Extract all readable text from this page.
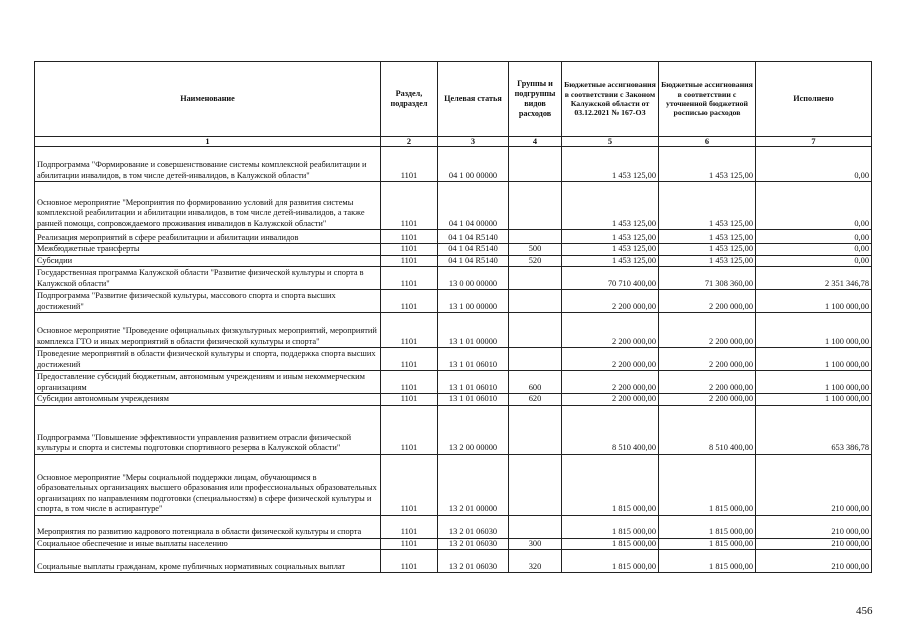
Наименование	Раздел, подраздел	Целевая статья	Группы и подгруппы видов расходов	Бюджетные ассигнования в соответствии с Законом Калужской области от 03.12.2021 № 167-ОЗ	Бюджетные ассигнования в соответствии с уточненной бюджетной росписью расходов	Исполнено
1	2	3	4	5	6	7
Подпрограмма "Формирование и совершенствование системы комплексной реабилитации и абилитации инвалидов, в том числе детей-инвалидов, в Калужской области"	1101	04 1 00 00000		1 453 125,00	1 453 125,00	0,00
Основное мероприятие "Мероприятия по формированию условий для развития системы комплексной реабилитации и абилитации инвалидов, в том числе детей-инвалидов, а также ранней помощи, сопровождаемого проживания инвалидов в Калужской области"	1101	04 1 04 00000		1 453 125,00	1 453 125,00	0,00
Реализация мероприятий в сфере реабилитации и абилитации инвалидов	1101	04 1 04 R5140		1 453 125,00	1 453 125,00	0,00
Межбюджетные трансферты	1101	04 1 04 R5140	500	1 453 125,00	1 453 125,00	0,00
Субсидии	1101	04 1 04 R5140	520	1 453 125,00	1 453 125,00	0,00
Государственная программа Калужской области "Развитие физической культуры и спорта в Калужской области"	1101	13 0 00 00000		70 710 400,00	71 308 360,00	2 351 346,78
Подпрограмма "Развитие физической культуры, массового спорта и спорта высших достижений"	1101	13 1 00 00000		2 200 000,00	2 200 000,00	1 100 000,00
Основное мероприятие "Проведение официальных физкультурных мероприятий, мероприятий комплекса ГТО и иных мероприятий в области физической культуры и спорта"	1101	13 1 01 00000		2 200 000,00	2 200 000,00	1 100 000,00
Проведение мероприятий в области физической культуры и спорта, поддержка спорта высших достижений	1101	13 1 01 06010		2 200 000,00	2 200 000,00	1 100 000,00
Предоставление субсидий бюджетным, автономным учреждениям и иным некоммерческим организациям	1101	13 1 01 06010	600	2 200 000,00	2 200 000,00	1 100 000,00
Субсидии автономным учреждениям	1101	13 1 01 06010	620	2 200 000,00	2 200 000,00	1 100 000,00
Подпрограмма "Повышение эффективности управления развитием отрасли физической культуры и спорта и системы подготовки спортивного резерва в Калужской области"	1101	13 2 00 00000		8 510 400,00	8 510 400,00	653 386,78
Основное мероприятие "Меры социальной поддержки лицам, обучающимся в образовательных организациях высшего образования или профессиональных образовательных организациях по направлениям подготовки (специальностям) в сфере физической культуры и спорта, в том числе в аспирантуре"	1101	13 2 01 00000		1 815 000,00	1 815 000,00	210 000,00
Мероприятия по развитию кадрового потенциала в области физической культуры и спорта	1101	13 2 01 06030		1 815 000,00	1 815 000,00	210 000,00
Социальное обеспечение и иные выплаты населению	1101	13 2 01 06030	300	1 815 000,00	1 815 000,00	210 000,00
Социальные выплаты гражданам, кроме публичных нормативных социальных выплат	1101	13 2 01 06030	320	1 815 000,00	1 815 000,00	210 000,00
456
